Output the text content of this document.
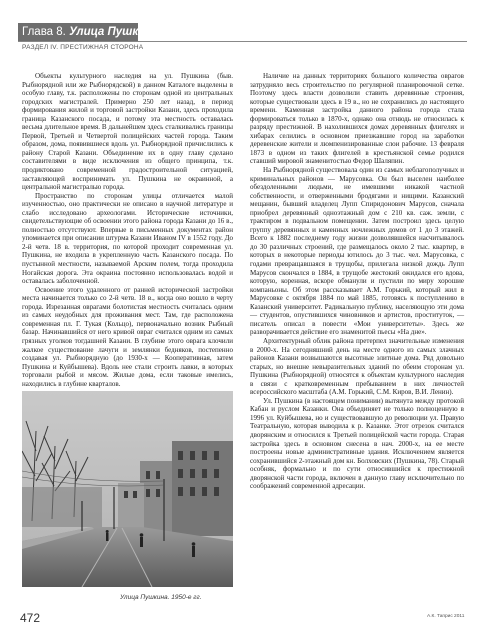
Глава 8. Улица Пушкина
РАЗДЕЛ IV. ПРЕСТИЖНАЯ СТОРОНА

Объекты культурного наследия на ул. Пушкина (быв. Рыбнорядной или же Рыбнорядской) в данном Каталоге выделены в особую главу, т.к. расположены по сторонам одной из центральных городских магистралей. Примерно 250 лет назад, в период формирования жилой и торговой застройки Казани, здесь проходила граница Казанского посада, и потому эта местность оставалась весьма длительное время. В дальнейшем здесь сталкивались границы Первой, Третьей и Четвертой полицейских частей города. Таким образом, дома, появившиеся вдоль ул. Рыбнорядной причислились к району Старой Казани. Объединение их в одну главу сделано составителями в виде исключения из общего принципа, т.к. продиктовано современной градостроительной ситуацией, заставляющей воспринимать ул. Пушкина не окраинной, а центральной магистралью города.

Пространство по сторонам улицы отличается малой изученностью, оно практически не описано в научной литературе и слабо исследовано археологами. Исторические источники, свидетельствующие об освоении этого района города Казани до 16 в., полностью отсутствуют. Впервые в письменных документах район упоминается при описании штурма Казани Иваном IV в 1552 году. До 2-й четв. 18 в. территория, по которой проходит современная ул. Пушкина, не входила в укрепленную часть Казанского посада. По пустынной местности, называемой Арским полем, тогда проходила Ногайская дорога. Эта окраина постоянно использовалась водой и оставалась заболоченной.

Освоение этого удаленного от ранней исторической застройки места начинается только со 2-й четв. 18 в., когда оно вошло в черту города. Изрезанная оврагами болотистая местность считалась одним из самых неудобных для проживания мест. Там, где расположена современная пл. Г. Тукая (Кольцо), первоначально возник Рыбный базар. Начинавшийся от него кривой овраг считался одним из самых грязных уголков тогдашней Казани. В глубине этого оврага клочили жалкое существование лачуги и землянки бедняков, постепенно создавая ул. Рыбнорядную (до 1930-х — Кооперативная, затем Пушкина и Куйбышева). Вдоль нее стали строить лавки, в которых торговали рыбой и мясом. Жилые дома, если таковые имелись, находились в глубине кварталов.

Наличие на данных территориях большого количества оврагов затрудняло весь строительство по регулярной планировочной сетке. Поэтому здесь власти дозволили ставить деревянные строения, которые существовали здесь в 19 в., но не сохранились до настоящего времени. Каменная застройка данного района города стала формироваться только в 1870-х, однако она отнюдь не относилась к разряду престижной. В нахолившихся домах деревянных флигелях и хибарах селились в основном приезжавшие город на заработки деревенские жители и люмпенизированные слои рабочие. 13 февраля 1873 в одном из таких флигелей в крестьянской семье родился ставший мировой знаменитостью Федор Шаляпин.

На Рыбнорядной существовала один из самых неблагополучных и криминальных районов — Марусовка. Он был выселен наиболее обездоленными людьми, не имевшими никакой частной собственности, и отверженными бродягами и нищими. Казанский мещанин, бывший владелец Лупп Спиридонович Марусов, сначала приобрел деревянный одноэтажный дом с 210 кв. саж. земли, с трактиром в подвальном помещении. Затем построил здесь целую группу деревянных и каменных ночлежных домов от 1 до 3 этажей. Всего к 1882 последнему году жизни дозволявшейся насчитывалось до 30 различных строений, где размещалось около 2 тыс. квартир, в которых в некоторые периоды ютилось до 3 тыс. чел. Марусовка, с годами превращавшаяся в трущобы, прилегала низкой дождь Лупп Марусов скончался в 1884, в трущобе жестокий ожидался его вдова, которую, коренная, вскоре обманули и пустили по миру хорошие компаньоны. Об этом рассказывает А.М. Горький, который жил в Марусовке с октября 1884 по май 1885, готовясь к поступлению в Казанский университет. Радикальную публику, населяющую эти дома — студентов, опустившихся чиновников и артистов, проституток, — писатель описал в повести «Мои университеты». Здесь же разворачивается действие его знаменитой пьесы «На дне».

Архитектурный облик района претерпел значительные изменения в 2000-х. На сегодняшний день на месте одного из самых злачных районов Казани возвышаются высотные элитные дома. Ряд довольно старых, но внешне невыразительных зданий по обеим сторонам ул. Пушкина (Рыбнорядной) относятся к объектам культурного наследия в связи с кратковременным пребыванием в них личностей всероссийского масштаба (А.М. Горький, С.М. Киров, В.И. Ленин).

Ул. Пушкина (в настоящем понимании) вытянута между протокой Кабан и руслом Казанки. Она объединяет не только полноценную в 1996 ул. Куйбышева, но и существовавшую до революции ул. Правую Театральную, которая выводила к р. Казанке. Этот отрезок считался дворянским и относился к Третьей полицейской части города. Старая застройка здесь в основном снесена в нач. 2000-х, на ее месте построены новые административные здания. Исключением является сохранившийся 2-этажный дом кн. Болховских (Пушкина, 78). Старый особняк, формально и по сути относившийся к престижной дворянской части города, включен в данную главу исключительно по соображений современной адресации.

Улица Пушкина. 1950-е гг.
А.К. Таприс 2011
472
